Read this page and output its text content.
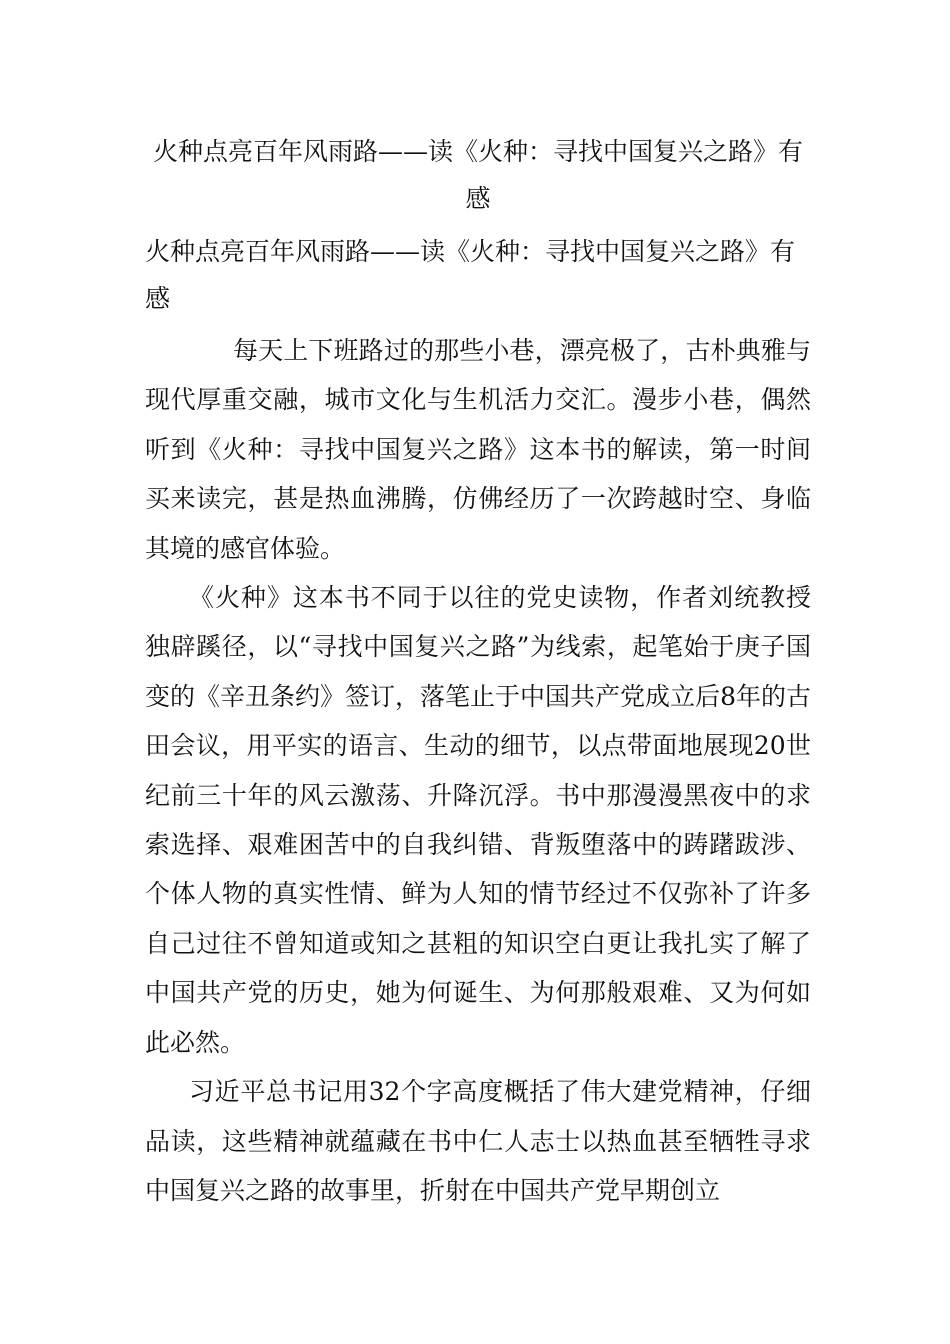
火种点亮百年风雨路——读《火种：寻找中国复兴之路》有感
火种点亮百年风雨路——读《火种：寻找中国复兴之路》有感

每天上下班路过的那些小巷，漂亮极了，古朴典雅与现代厚重交融，城市文化与生机活力交汇。漫步小巷，偶然听到《火种：寻找中国复兴之路》这本书的解读，第一时间买来读完，甚是热血沸腾，仿佛经历了一次跨越时空、身临其境的感官体验。

《火种》这本书不同于以往的党史读物，作者刘统教授独辟蹊径，以“寻找中国复兴之路”为线索，起笔始于庚子国变的《辛丑条约》签订，落笔止于中国共产党成立后8年的古田会议，用平实的语言、生动的细节，以点带面地展现20世纪前三十年的风云激荡、升降沉浮。书中那漫漫黑夜中的求索选择、艰难困苦中的自我纠错、背叛堕落中的踌躇跋涉、个体人物的真实性情、鲜为人知的情节经过不仅弥补了许多自己过往不曾知道或知之甚粗的知识空白更让我扎实了解了中国共产党的历史，她为何诞生、为何那般艰难、又为何如此必然。

习近平总书记用32个字高度概括了伟大建党精神，仔细品读，这些精神就蕴藏在书中仁人志士以热血甚至牺牲寻求中国复兴之路的故事里，折射在中国共产党早期创立
